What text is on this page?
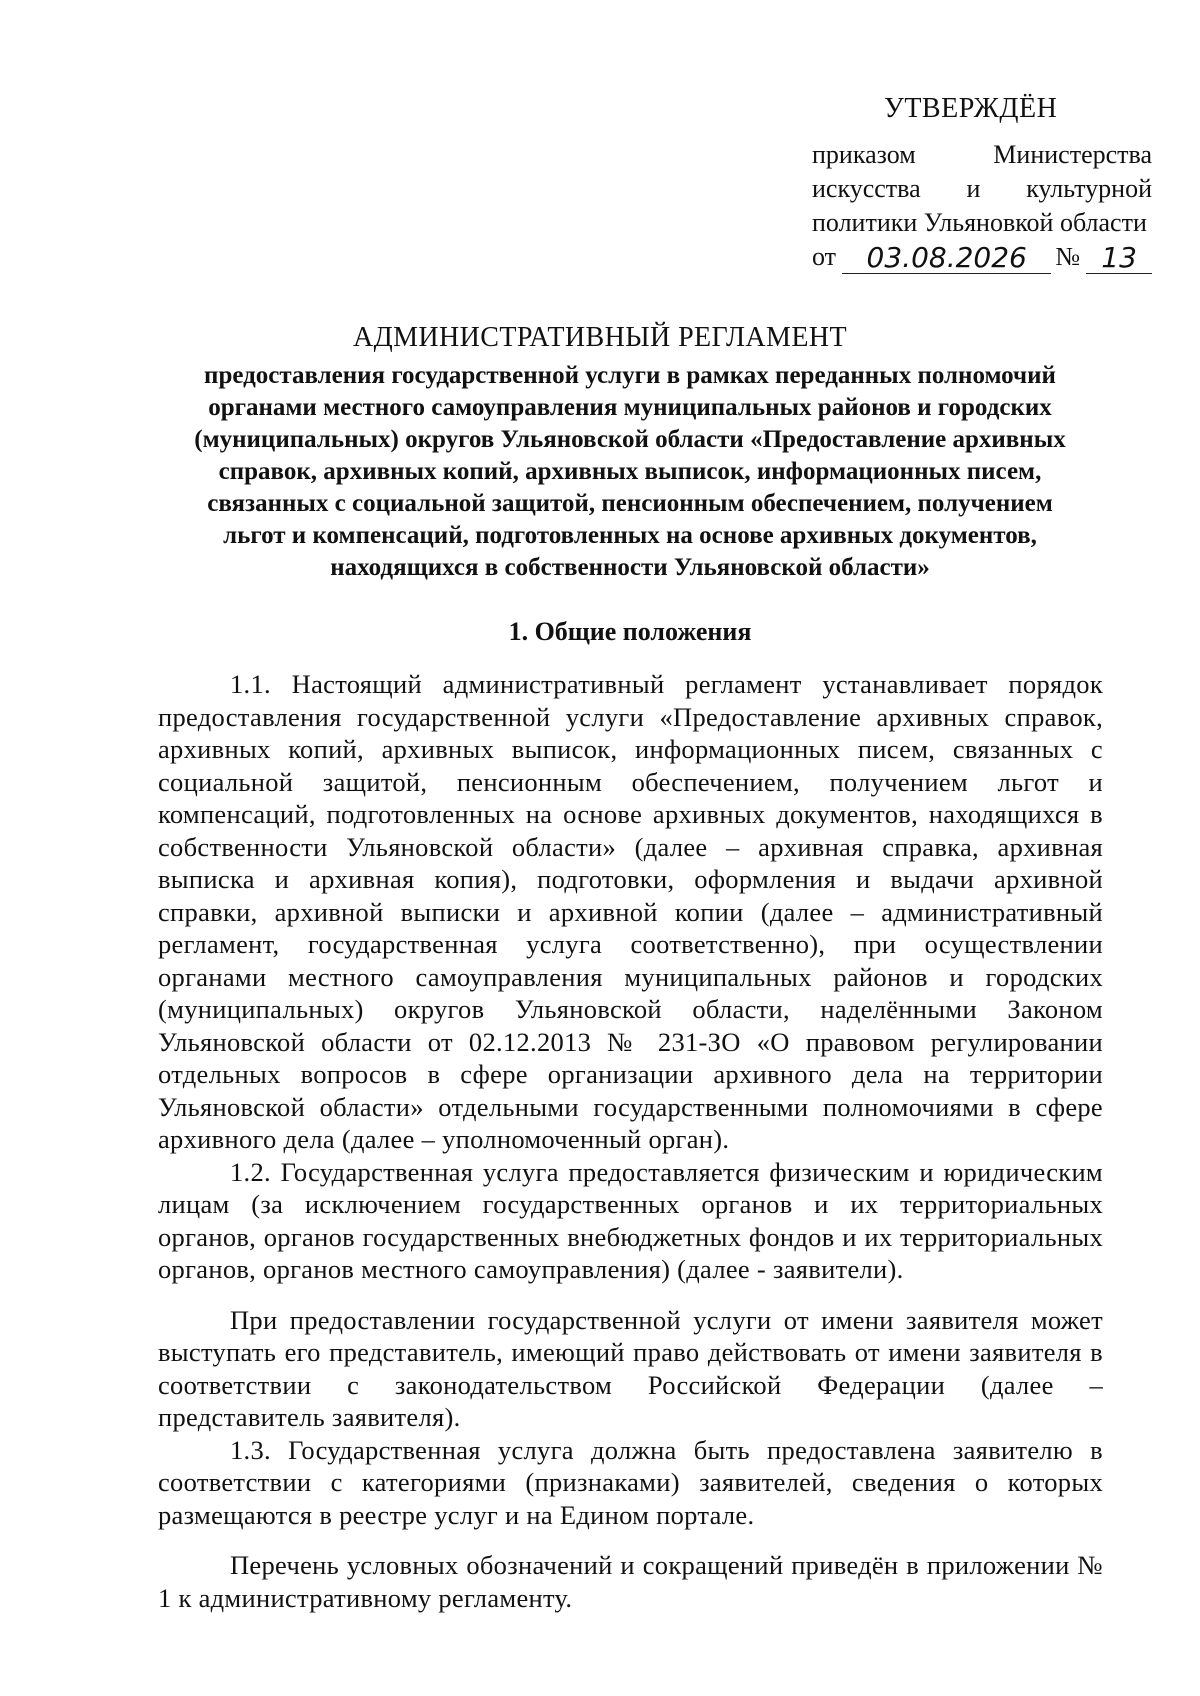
УТВЕРЖДЁН
приказом Министерства
искусства и культурной
политики Ульяновкой области
от	03.08.2026	№ 13
АДМИНИСТРАТИВНЫЙ РЕГЛАМЕНТ
предоставления государственной услуги в рамках переданных полномочий
органами местного самоуправления муниципальных районов и городских
(муниципальных) округов Ульяновской области «Предоставление архивных
справок, архивных копий, архивных выписок, информационных писем,
связанных с социальной защитой, пенсионным обеспечением, получением
льгот и компенсаций, подготовленных на основе архивных документов,
находящихся в собственности Ульяновской области»
1. Общие положения

1.1. Настоящий административный регламент устанавливает порядок предоставления государственной услуги «Предоставление архивных справок, архивных копий, архивных выписок, информационных писем, связанных с социальной защитой, пенсионным обеспечением, получением льгот и компенсаций, подготовленных на основе архивных документов, находящихся в собственности Ульяновской области» (далее – архивная справка, архивная выписка и архивная копия), подготовки, оформления и выдачи архивной справки, архивной выписки и архивной копии (далее – административный регламент, государственная услуга соответственно), при осуществлении органами местного самоуправления муниципальных районов и городских (муниципальных) округов Ульяновской области, наделёнными Законом Ульяновской области от 02.12.2013 № 231-ЗО «О правовом регулировании отдельных вопросов в сфере организации архивного дела на территории Ульяновской области» отдельными государственными полномочиями в сфере архивного дела (далее – уполномоченный орган).

1.2. Государственная услуга предоставляется физическим и юридическим лицам (за исключением государственных органов и их территориальных органов, органов государственных внебюджетных фондов и их территориальных органов, органов местного самоуправления) (далее - заявители).

При предоставлении государственной услуги от имени заявителя может выступать его представитель, имеющий право действовать от имени заявителя в соответствии с законодательством Российской Федерации (далее – представитель заявителя).

1.3. Государственная услуга должна быть предоставлена заявителю в соответствии с категориями (признаками) заявителей, сведения о которых размещаются в реестре услуг и на Едином портале.

Перечень условных обозначений и сокращений приведён в приложении № 1 к административному регламенту.
